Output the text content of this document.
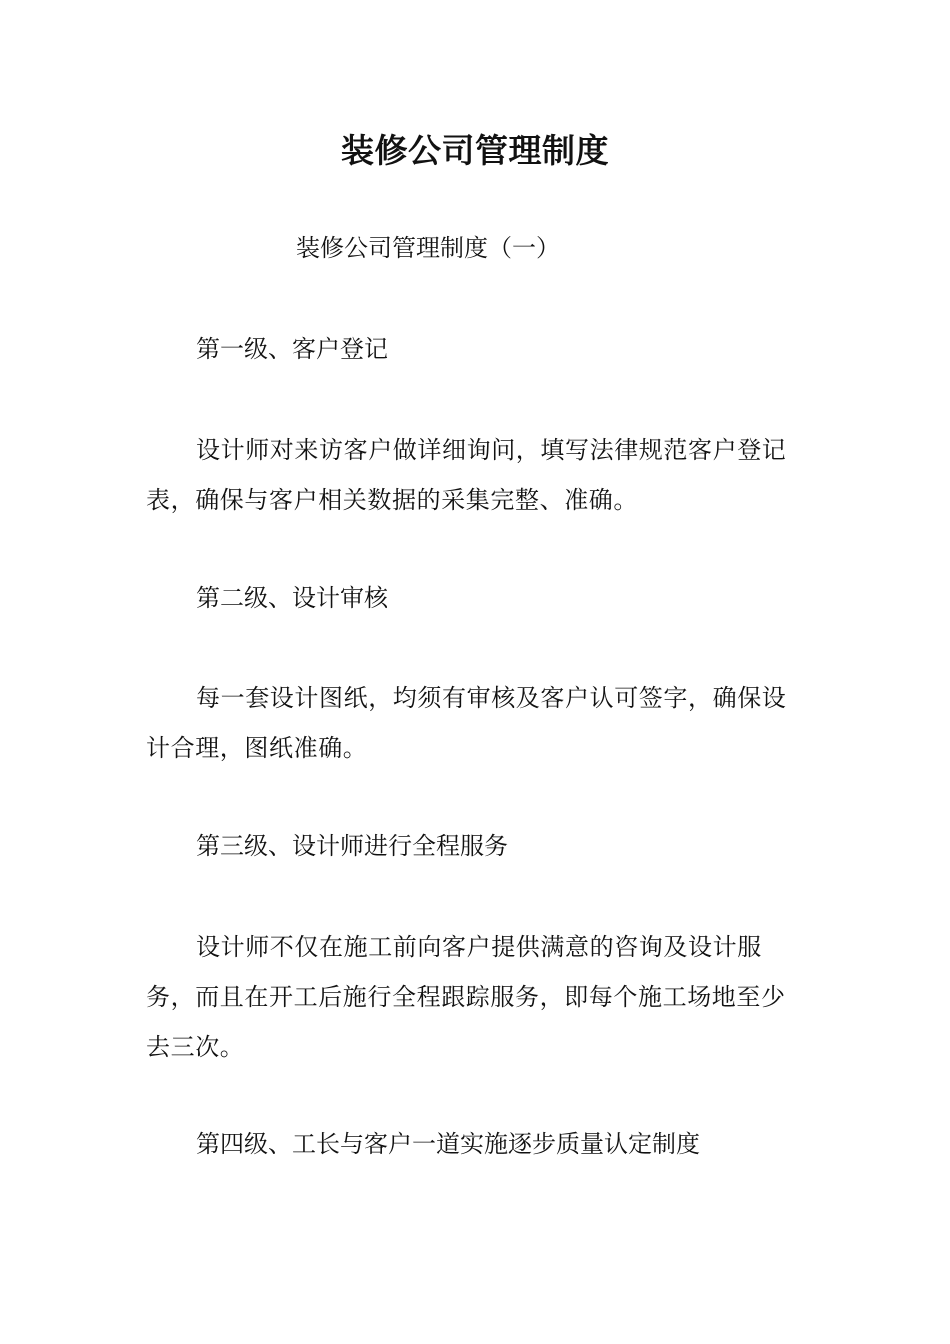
装修公司管理制度

装修公司管理制度（一）

第一级、客户登记

设计师对来访客户做详细询问，填写法律规范客户登记表，确保与客户相关数据的采集完整、准确。

第二级、设计审核

每一套设计图纸，均须有审核及客户认可签字，确保设计合理，图纸准确。

第三级、设计师进行全程服务

设计师不仅在施工前向客户提供满意的咨询及设计服务，而且在开工后施行全程跟踪服务，即每个施工场地至少去三次。

第四级、工长与客户一道实施逐步质量认定制度
